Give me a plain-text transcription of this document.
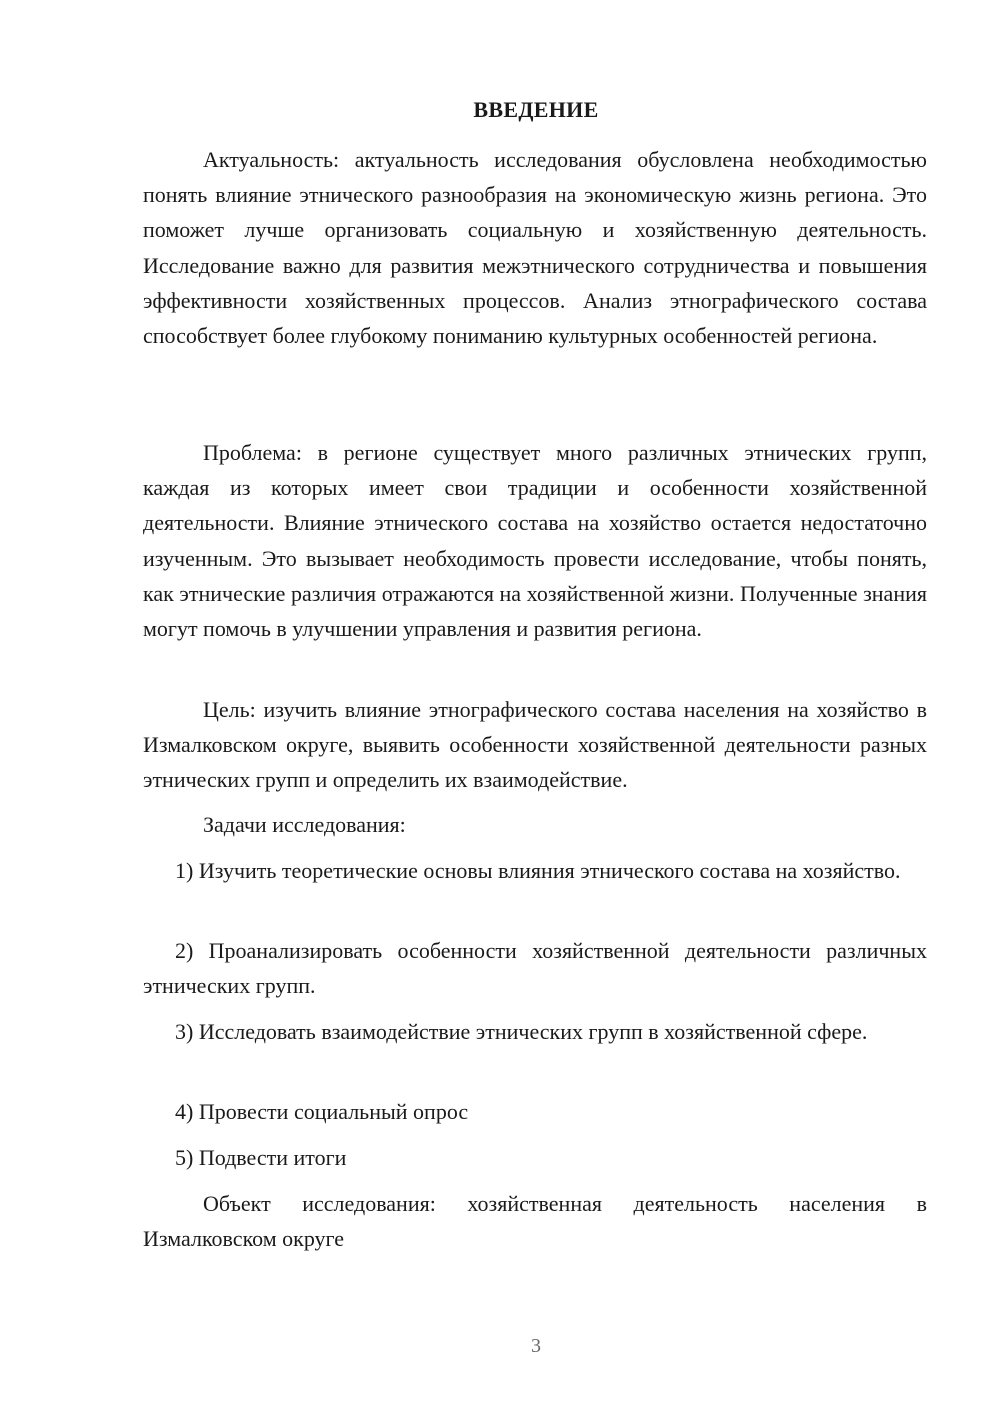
ВВЕДЕНИЕ

Актуальность: актуальность исследования обусловлена необходимостью понять влияние этнического разнообразия на экономическую жизнь региона. Это поможет лучше организовать социальную и хозяйственную деятельность. Исследование важно для развития межэтнического сотрудничества и повышения эффективности хозяйственных процессов. Анализ этнографического состава способствует более глубокому пониманию культурных особенностей региона.

Проблема: в регионе существует много различных этнических групп, каждая из которых имеет свои традиции и особенности хозяйственной деятельности. Влияние этнического состава на хозяйство остается недостаточно изученным. Это вызывает необходимость провести исследование, чтобы понять, как этнические различия отражаются на хозяйственной жизни. Полученные знания могут помочь в улучшении управления и развития региона.

Цель: изучить влияние этнографического состава населения на хозяйство в Измалковском округе, выявить особенности хозяйственной деятельности разных этнических групп и определить их взаимодействие.

Задачи исследования:

1) Изучить теоретические основы влияния этнического состава на хозяйство.

2) Проанализировать особенности хозяйственной деятельности различных этнических групп.

3) Исследовать взаимодействие этнических групп в хозяйственной сфере.

4) Провести социальный опрос

5) Подвести итоги

Объект исследования: хозяйственная деятельность населения в Измалковском округе

3
